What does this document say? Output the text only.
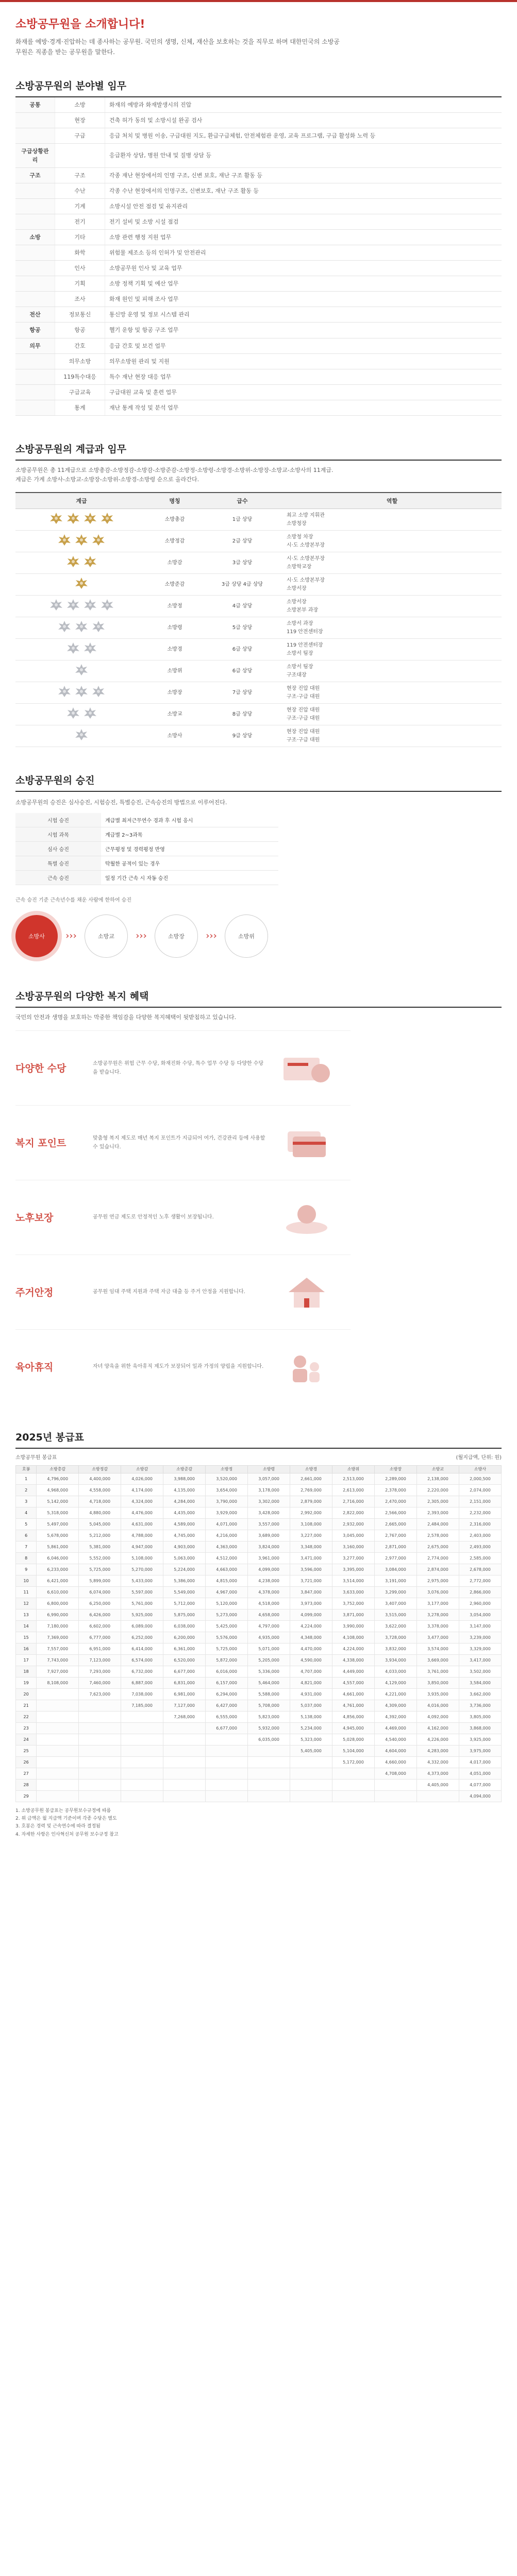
소방공무원을 소개합니다!
화재를 예방·경계·진압하는 데 종사하는 공무원. 국민의 생명, 신체, 재산을 보호하는 것을 직무로 하며 대한민국의 소방공무원은 직종을 받는 공무원을 말한다.
소방공무원의 분야별 임무
공통	소방	화재의 예방과 화재발생시의 진압
	현장	건축 허가 동의 및 소방시설 완공 검사
	구급	응급 처치 및 병원 이송, 구급대원 지도, 환급구급체험, 안전체험관 운영, 교육 프로그램, 구급 활성화 노력 등
구급상황관리		응급환자 상담, 병원 안내 및 질병 상담 등
구조	구조	각종 재난 현장에서의 인명 구조, 신변 보호, 재난 구조 활동 등
	수난	각종 수난 현장에서의 인명구조, 신변보호, 재난 구조 활동 등
	기계	소방시설 안전 점검 및 유지관리
	전기	전기 설비 및 소방 시설 점검
소방	기타	소방 관련 행정 지원 업무
	화학	위험물 제조소 등의 인허가 및 안전관리
	인사	소방공무원 인사 및 교육 업무
	기획	소방 정책 기획 및 예산 업무
	조사	화재 원인 및 피해 조사 업무
전산	정보통신	통신망 운영 및 정보 시스템 관리
항공	항공	헬기 운항 및 항공 구조 업무
의무	간호	응급 간호 및 보건 업무
	의무소방	의무소방원 관리 및 지원
	119특수대응	특수 재난 현장 대응 업무
	구급교육	구급대원 교육 및 훈련 업무
	통계	재난 통계 작성 및 분석 업무
소방공무원의 계급과 임무
소방공무원은 총 11계급으로 소방총감-소방정감-소방감-소방준감-소방정-소방령-소방경-소방위-소방장-소방교-소방사의 11계급.
계급은 가계 소방사-소방교-소방장-소방위-소방경-소방령 순으로 올라간다.
계급	명칭	급수	역할

	소방총감	1급 상당	최고 소방 지휘관
소방청장

	소방정감	2급 상당	소방청 차장
시·도 소방본부장

	소방감	3급 상당	시·도 소방본부장
소방학교장

	소방준감	3급 상당 4급 상당	시·도 소방본부장
소방서장

	소방정	4급 상당	소방서장
소방본부 과장

	소방령	5급 상당	소방서 과장
119 안전센터장

	소방경	6급 상당	119 안전센터장
소방서 팀장

	소방위	6급 상당	소방서 팀장
구조대장

	소방장	7급 상당	현장 진압 대원
구조·구급 대원

	소방교	8급 상당	현장 진압 대원
구조·구급 대원

	소방사	9급 상당	현장 진압 대원
구조·구급 대원
소방공무원의 승진
소방공무원의 승진은 심사승진, 시험승진, 특별승진, 근속승진의 방법으로 이루어진다.
시험 승진	계급별 최저근무연수 경과 후 시험 응시
시험 과목	계급별 2~3과목
심사 승진	근무평정 및 경력평정 반영
특별 승진	탁월한 공적이 있는 경우
근속 승진	일정 기간 근속 시 자동 승진
근속 승진 기준 근속년수를 채운 사람에 한하여 승진
소방사	›››	소방교	›››	소방장	›››	소방위
소방공무원의 다양한 복지 혜택
국민의 안전과 생명을 보호하는 막중한 책임감을 다양한 복지혜택이 뒷받침하고 있습니다.
다양한 수당	소방공무원은 위험 근무 수당, 화재진화 수당, 특수 업무 수당 등 다양한 수당을 받습니다.
복지 포인트	맞춤형 복지 제도로 매년 복지 포인트가 지급되어 여가, 건강관리 등에 사용할 수 있습니다.
노후보장	공무원 연금 제도로 안정적인 노후 생활이 보장됩니다.
주거안정	공무원 임대 주택 지원과 주택 자금 대출 등 주거 안정을 지원합니다.
육아휴직	자녀 양육을 위한 육아휴직 제도가 보장되어 일과 가정의 양립을 지원합니다.
2025년 봉급표
소방공무원 봉급표	(월지급액, 단위: 원)
호봉	소방총감	소방정감	소방감	소방준감	소방정	소방령	소방경	소방위	소방장	소방교	소방사
1	4,796,000	4,400,000	4,026,000	3,988,000	3,520,000	3,057,000	2,661,000	2,513,000	2,289,000	2,138,000	2,000,500
2	4,968,000	4,558,000	4,174,000	4,135,000	3,654,000	3,178,000	2,769,000	2,613,000	2,378,000	2,220,000	2,074,000
3	5,142,000	4,718,000	4,324,000	4,284,000	3,790,000	3,302,000	2,879,000	2,716,000	2,470,000	2,305,000	2,151,000
4	5,318,000	4,880,000	4,476,000	4,435,000	3,929,000	3,428,000	2,992,000	2,822,000	2,566,000	2,393,000	2,232,000
5	5,497,000	5,045,000	4,631,000	4,589,000	4,071,000	3,557,000	3,108,000	2,932,000	2,665,000	2,484,000	2,316,000
6	5,678,000	5,212,000	4,788,000	4,745,000	4,216,000	3,689,000	3,227,000	3,045,000	2,767,000	2,578,000	2,403,000
7	5,861,000	5,381,000	4,947,000	4,903,000	4,363,000	3,824,000	3,348,000	3,160,000	2,871,000	2,675,000	2,493,000
8	6,046,000	5,552,000	5,108,000	5,063,000	4,512,000	3,961,000	3,471,000	3,277,000	2,977,000	2,774,000	2,585,000
9	6,233,000	5,725,000	5,270,000	5,224,000	4,663,000	4,099,000	3,596,000	3,395,000	3,084,000	2,874,000	2,678,000
10	6,421,000	5,899,000	5,433,000	5,386,000	4,815,000	4,238,000	3,721,000	3,514,000	3,191,000	2,975,000	2,772,000
11	6,610,000	6,074,000	5,597,000	5,549,000	4,967,000	4,378,000	3,847,000	3,633,000	3,299,000	3,076,000	2,866,000
12	6,800,000	6,250,000	5,761,000	5,712,000	5,120,000	4,518,000	3,973,000	3,752,000	3,407,000	3,177,000	2,960,000
13	6,990,000	6,426,000	5,925,000	5,875,000	5,273,000	4,658,000	4,099,000	3,871,000	3,515,000	3,278,000	3,054,000
14	7,180,000	6,602,000	6,089,000	6,038,000	5,425,000	4,797,000	4,224,000	3,990,000	3,622,000	3,378,000	3,147,000
15	7,369,000	6,777,000	6,252,000	6,200,000	5,576,000	4,935,000	4,348,000	4,108,000	3,728,000	3,477,000	3,239,000
16	7,557,000	6,951,000	6,414,000	6,361,000	5,725,000	5,071,000	4,470,000	4,224,000	3,832,000	3,574,000	3,329,000
17	7,743,000	7,123,000	6,574,000	6,520,000	5,872,000	5,205,000	4,590,000	4,338,000	3,934,000	3,669,000	3,417,000
18	7,927,000	7,293,000	6,732,000	6,677,000	6,016,000	5,336,000	4,707,000	4,449,000	4,033,000	3,761,000	3,502,000
19	8,108,000	7,460,000	6,887,000	6,831,000	6,157,000	5,464,000	4,821,000	4,557,000	4,129,000	3,850,000	3,584,000
20		7,623,000	7,038,000	6,981,000	6,294,000	5,588,000	4,931,000	4,661,000	4,221,000	3,935,000	3,662,000
21			7,185,000	7,127,000	6,427,000	5,708,000	5,037,000	4,761,000	4,309,000	4,016,000	3,736,000
22				7,268,000	6,555,000	5,823,000	5,138,000	4,856,000	4,392,000	4,092,000	3,805,000
23					6,677,000	5,932,000	5,234,000	4,945,000	4,469,000	4,162,000	3,868,000
24						6,035,000	5,323,000	5,028,000	4,540,000	4,226,000	3,925,000
25							5,405,000	5,104,000	4,604,000	4,283,000	3,975,000
26								5,172,000	4,660,000	4,332,000	4,017,000
27									4,708,000	4,373,000	4,051,000
28										4,405,000	4,077,000
29											4,094,000
1. 소방공무원 봉급표는 공무원보수규정에 따름
2. 위 금액은 월 지급액 기준이며 각종 수당은 별도
3. 호봉은 경력 및 근속연수에 따라 결정됨
4. 자세한 사항은 인사혁신처 공무원 보수규정 참고
